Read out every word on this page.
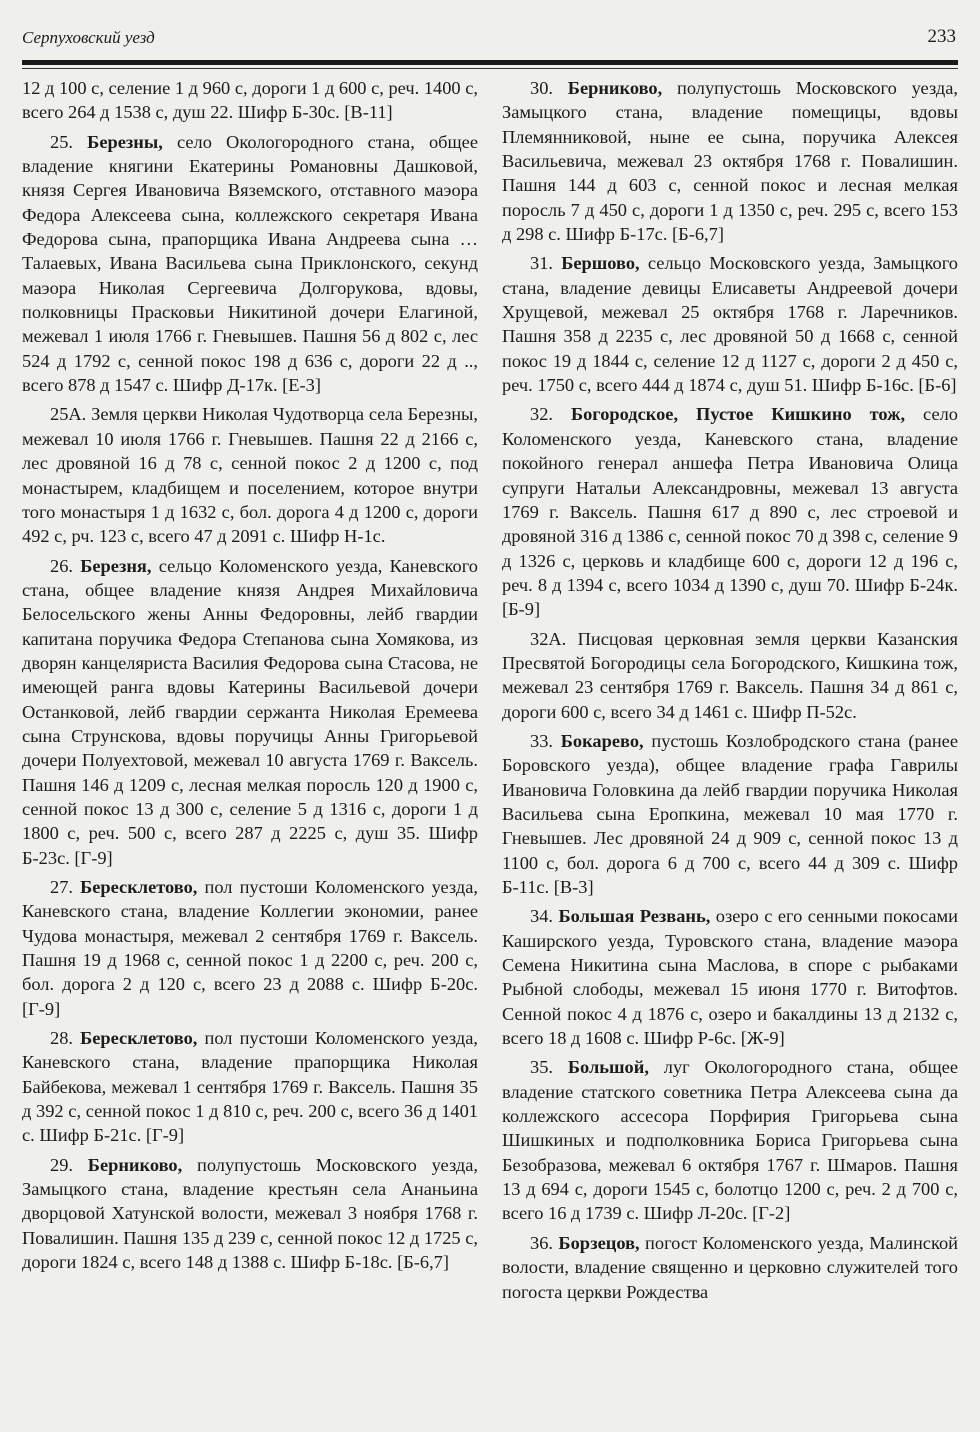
Серпуховский уезд	233

12 д 100 с, селение 1 д 960 с, дороги 1 д 600 с, реч. 1400 с, всего 264 д 1538 с, душ 22. Шифр Б-30с. [В-11]

25. Березны, село Окологородного стана, общее владение княгини Екатерины Романовны Дашковой, князя Сергея Ивановича Вяземского, отставного маэора Федора Алексеева сына, коллежского секретаря Ивана Федорова сына, прапорщика Ивана Андреева сына … Талаевых, Ивана Васильева сына Приклонского, секунд маэора Николая Сергеевича Долгорукова, вдовы, полковницы Прасковьи Никитиной дочери Елагиной, межевал 1 июля 1766 г. Гневышев. Пашня 56 д 802 с, лес 524 д 1792 с, сенной покос 198 д 636 с, дороги 22 д .., всего 878 д 1547 с. Шифр Д-17к. [Е-3]

25А. Земля церкви Николая Чудотворца села Березны, межевал 10 июля 1766 г. Гневышев. Пашня 22 д 2166 с, лес дровяной 16 д 78 с, сенной покос 2 д 1200 с, под монастырем, кладбищем и поселением, которое внутри того монастыря 1 д 1632 с, бол. дорога 4 д 1200 с, дороги 492 с, рч. 123 с, всего 47 д 2091 с. Шифр Н-1с.

26. Березня, сельцо Коломенского уезда, Каневского стана, общее владение князя Андрея Михайловича Белосельского жены Анны Федоровны, лейб гвардии капитана поручика Федора Степанова сына Хомякова, из дворян канцеляриста Василия Федорова сына Стасова, не имеющей ранга вдовы Катерины Васильевой дочери Останковой, лейб гвардии сержанта Николая Еремеева сына Струнскова, вдовы поручицы Анны Григорьевой дочери Полуехтовой, межевал 10 августа 1769 г. Ваксель. Пашня 146 д 1209 с, лесная мелкая поросль 120 д 1900 с, сенной покос 13 д 300 с, селение 5 д 1316 с, дороги 1 д 1800 с, реч. 500 с, всего 287 д 2225 с, душ 35. Шифр Б-23с. [Г-9]

27. Бересклетово, пол пустоши Коломенского уезда, Каневского стана, владение Коллегии экономии, ранее Чудова монастыря, межевал 2 сентября 1769 г. Ваксель. Пашня 19 д 1968 с, сенной покос 1 д 2200 с, реч. 200 с, бол. дорога 2 д 120 с, всего 23 д 2088 с. Шифр Б-20с. [Г-9]

28. Бересклетово, пол пустоши Коломенского уезда, Каневского стана, владение прапорщика Николая Байбекова, межевал 1 сентября 1769 г. Ваксель. Пашня 35 д 392 с, сенной покос 1 д 810 с, реч. 200 с, всего 36 д 1401 с. Шифр Б-21с. [Г-9]

29. Берниково, полупустошь Московского уезда, Замыцкого стана, владение крестьян села Ананьина дворцовой Хатунской волости, межевал 3 ноября 1768 г. Повалишин. Пашня 135 д 239 с, сенной покос 12 д 1725 с, дороги 1824 с, всего 148 д 1388 с. Шифр Б-18с. [Б-6,7]

30. Берниково, полупустошь Московского уезда, Замыцкого стана, владение помещицы, вдовы Племянниковой, ныне ее сына, поручика Алексея Васильевича, межевал 23 октября 1768 г. Повалишин. Пашня 144 д 603 с, сенной покос и лесная мелкая поросль 7 д 450 с, дороги 1 д 1350 с, реч. 295 с, всего 153 д 298 с. Шифр Б-17с. [Б-6,7]

31. Бершово, сельцо Московского уезда, Замыцкого стана, владение девицы Елисаветы Андреевой дочери Хрущевой, межевал 25 октября 1768 г. Ларечников. Пашня 358 д 2235 с, лес дровяной 50 д 1668 с, сенной покос 19 д 1844 с, селение 12 д 1127 с, дороги 2 д 450 с, реч. 1750 с, всего 444 д 1874 с, душ 51. Шифр Б-16с. [Б-6]

32. Богородское, Пустое Кишкино тож, село Коломенского уезда, Каневского стана, владение покойного генерал аншефа Петра Ивановича Олица супруги Натальи Александровны, межевал 13 августа 1769 г. Ваксель. Пашня 617 д 890 с, лес строевой и дровяной 316 д 1386 с, сенной покос 70 д 398 с, селение 9 д 1326 с, церковь и кладбище 600 с, дороги 12 д 196 с, реч. 8 д 1394 с, всего 1034 д 1390 с, душ 70. Шифр Б-24к. [Б-9]

32А. Писцовая церковная земля церкви Казанския Пресвятой Богородицы села Богородского, Кишкина тож, межевал 23 сентября 1769 г. Ваксель. Пашня 34 д 861 с, дороги 600 с, всего 34 д 1461 с. Шифр П-52с.

33. Бокарево, пустошь Козлобродского стана (ранее Боровского уезда), общее владение графа Гаврилы Ивановича Головкина да лейб гвардии поручика Николая Васильева сына Еропкина, межевал 10 мая 1770 г. Гневышев. Лес дровяной 24 д 909 с, сенной покос 13 д 1100 с, бол. дорога 6 д 700 с, всего 44 д 309 с. Шифр Б-11с. [В-3]

34. Большая Резвань, озеро с его сенными покосами Каширского уезда, Туровского стана, владение маэора Семена Никитина сына Маслова, в споре с рыбаками Рыбной слободы, межевал 15 июня 1770 г. Витофтов. Сенной покос 4 д 1876 с, озеро и бакалдины 13 д 2132 с, всего 18 д 1608 с. Шифр Р-6с. [Ж-9]

35. Большой, луг Окологородного стана, общее владение статского советника Петра Алексеева сына да коллежского ассесора Порфирия Григорьева сына Шишкиных и подполковника Бориса Григорьева сына Безобразова, межевал 6 октября 1767 г. Шмаров. Пашня 13 д 694 с, дороги 1545 с, болотцо 1200 с, реч. 2 д 700 с, всего 16 д 1739 с. Шифр Л-20с. [Г-2]

36. Борзецов, погост Коломенского уезда, Малинской волости, владение священно и церковно служителей того погоста церкви Рождества
